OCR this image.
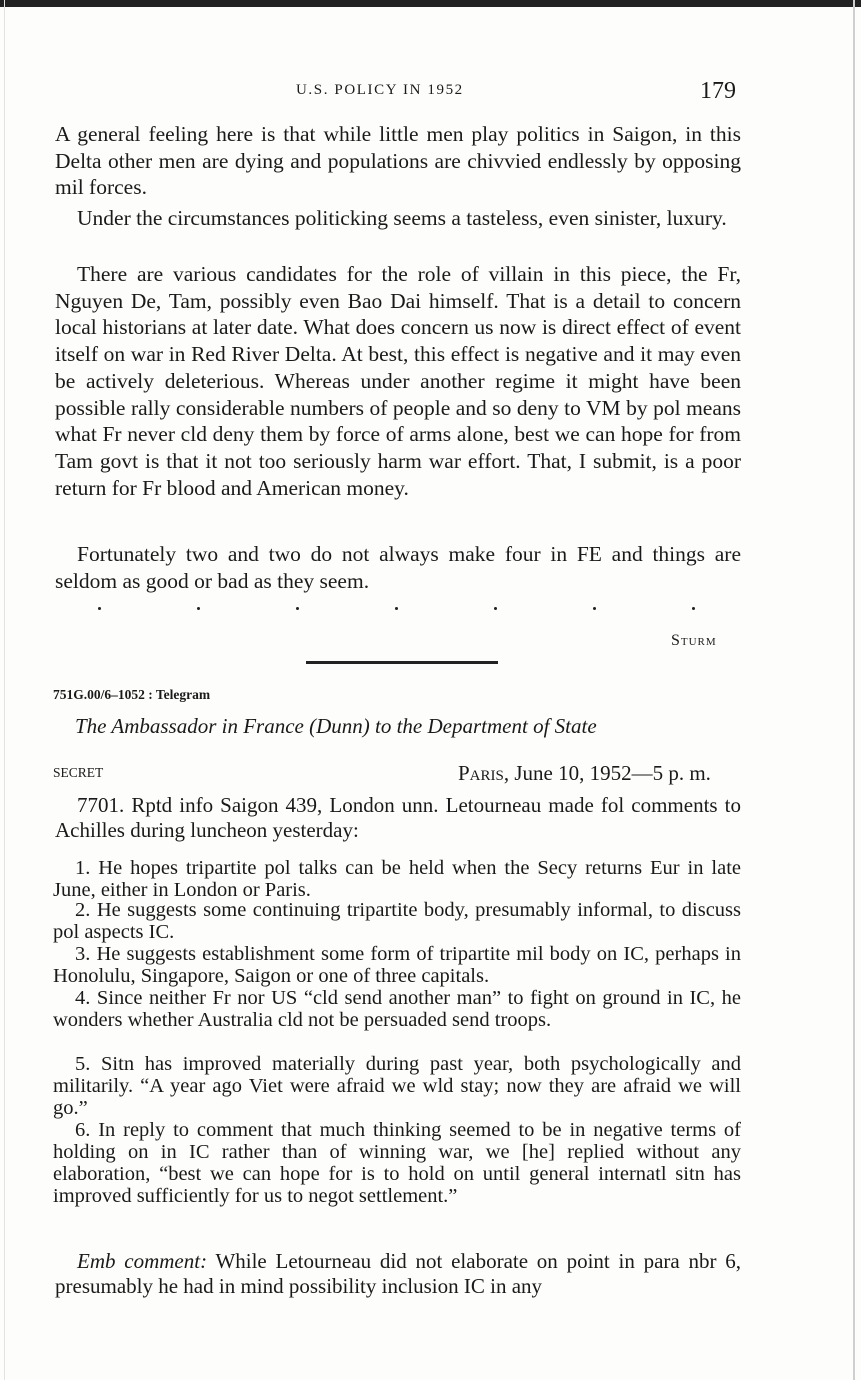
U.S. POLICY IN 1952	179

A general feeling here is that while little men play politics in Saigon, in this Delta other men are dying and populations are chivvied endlessly by opposing mil forces.

Under the circumstances politicking seems a tasteless, even sinister, luxury.

There are various candidates for the role of villain in this piece, the Fr, Nguyen De, Tam, possibly even Bao Dai himself. That is a detail to concern local historians at later date. What does concern us now is direct effect of event itself on war in Red River Delta. At best, this effect is negative and it may even be actively deleterious. Whereas under another regime it might have been possible rally considerable numbers of people and so deny to VM by pol means what Fr never cld deny them by force of arms alone, best we can hope for from Tam govt is that it not too seriously harm war effort. That, I submit, is a poor return for Fr blood and American money.

Fortunately two and two do not always make four in FE and things are seldom as good or bad as they seem.

Sturm
751G.00/6–1052 : Telegram
The Ambassador in France (Dunn) to the Department of State
SECRET	Paris, June 10, 1952—5 p. m.

7701. Rptd info Saigon 439, London unn. Letourneau made fol comments to Achilles during luncheon yesterday:

1. He hopes tripartite pol talks can be held when the Secy returns Eur in late June, either in London or Paris.

2. He suggests some continuing tripartite body, presumably informal, to discuss pol aspects IC.

3. He suggests establishment some form of tripartite mil body on IC, perhaps in Honolulu, Singapore, Saigon or one of three capitals.

4. Since neither Fr nor US “cld send another man” to fight on ground in IC, he wonders whether Australia cld not be persuaded send troops.

5. Sitn has improved materially during past year, both psychologically and militarily. “A year ago Viet were afraid we wld stay; now they are afraid we will go.”

6. In reply to comment that much thinking seemed to be in negative terms of holding on in IC rather than of winning war, we [he] replied without any elaboration, “best we can hope for is to hold on until general internatl sitn has improved sufficiently for us to negot settlement.”

Emb comment: While Letourneau did not elaborate on point in para nbr 6, presumably he had in mind possibility inclusion IC in any
